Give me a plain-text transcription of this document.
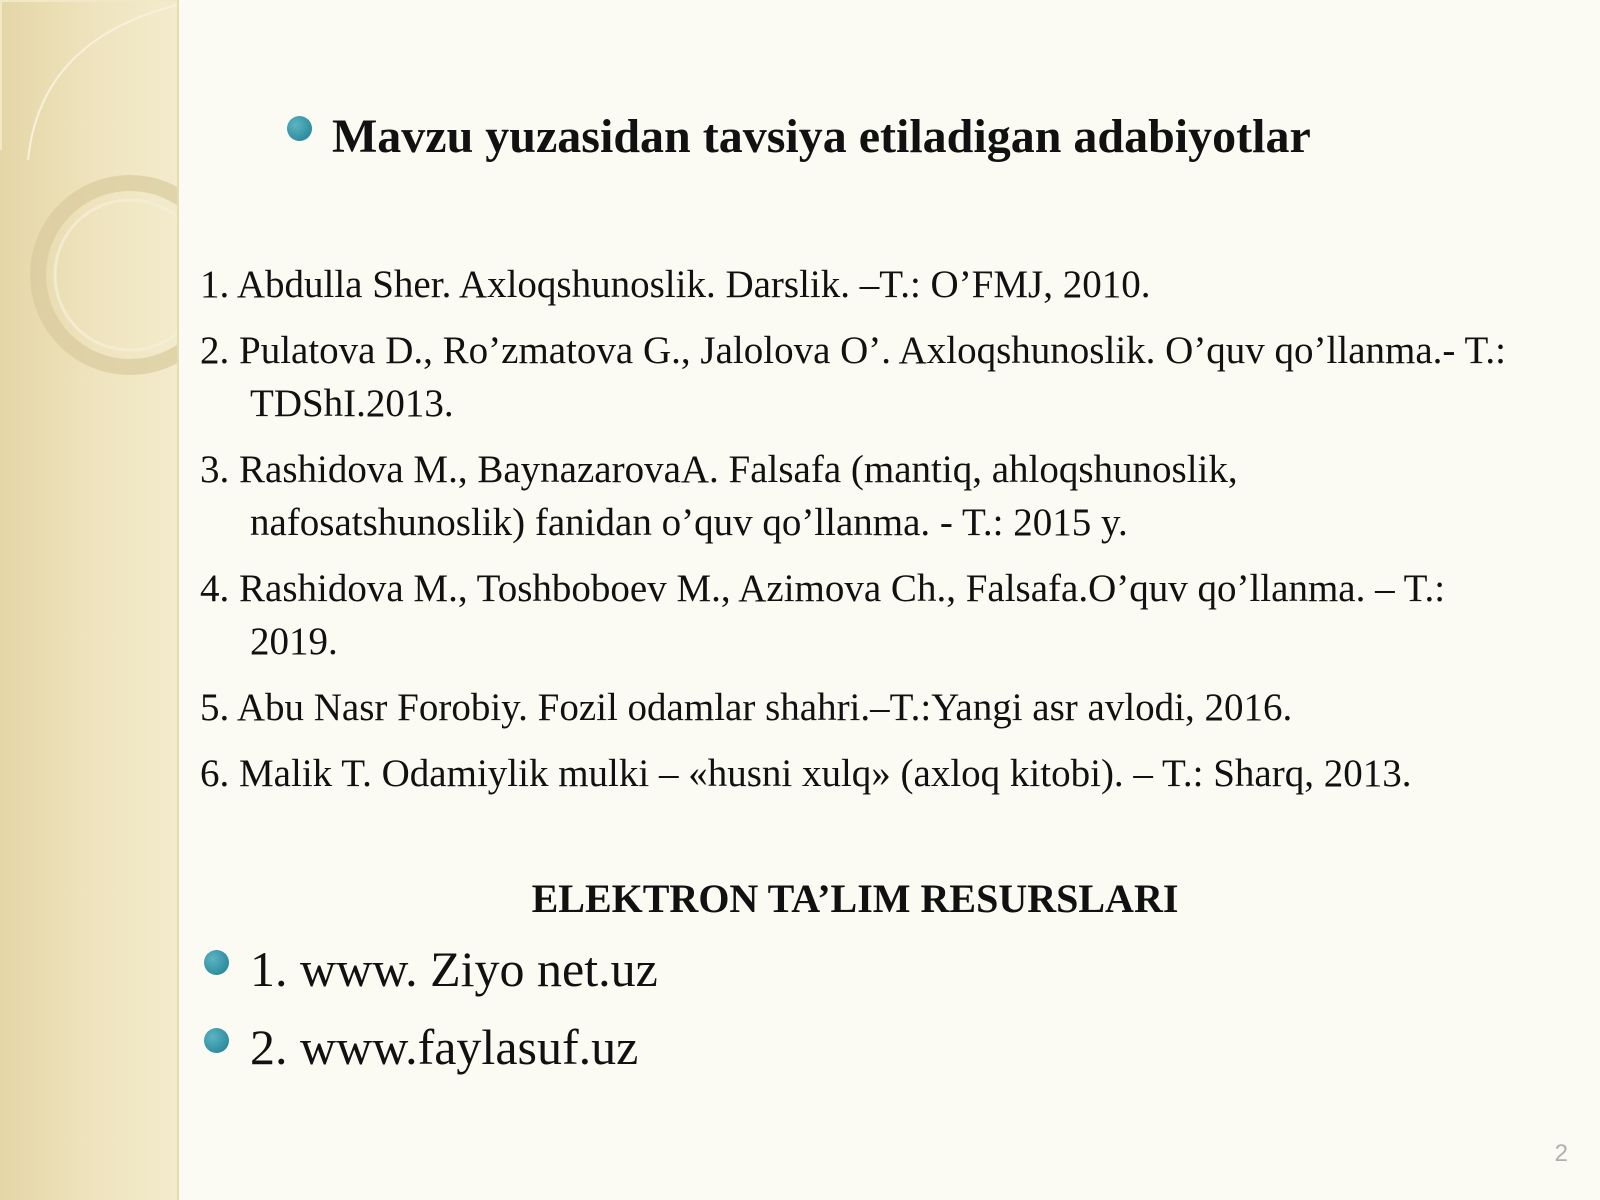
Mavzu yuzasidan tavsiya etiladigan adabiyotlar
1. Abdulla Sher. Axloqshunoslik. Darslik. –T.: O’FMJ, 2010.
2. Pulatova D., Ro’zmatova G., Jalolova O’. Axloqshunoslik. O’quv qo’llanma.- T.: TDShI.2013.
3. Rashidova M., BaynazarovaA. Falsafa (mantiq, ahloqshunoslik, nafosatshunoslik) fanidan o’quv qo’llanma. - T.: 2015 y.
4. Rashidova M., Toshboboev M., Azimova Ch., Falsafa.O’quv qo’llanma. – T.: 2019.
5. Abu Nasr Forobiy. Fozil odamlar shahri.–T.:Yangi asr avlodi, 2016.
6. Malik T. Odamiylik mulki – «husni xulq» (axloq kitobi). – T.: Sharq, 2013.
ELEKTRON TA’LIM RESURSLARI
1. www. Ziyo net.uz
2. www.faylasuf.uz
2
